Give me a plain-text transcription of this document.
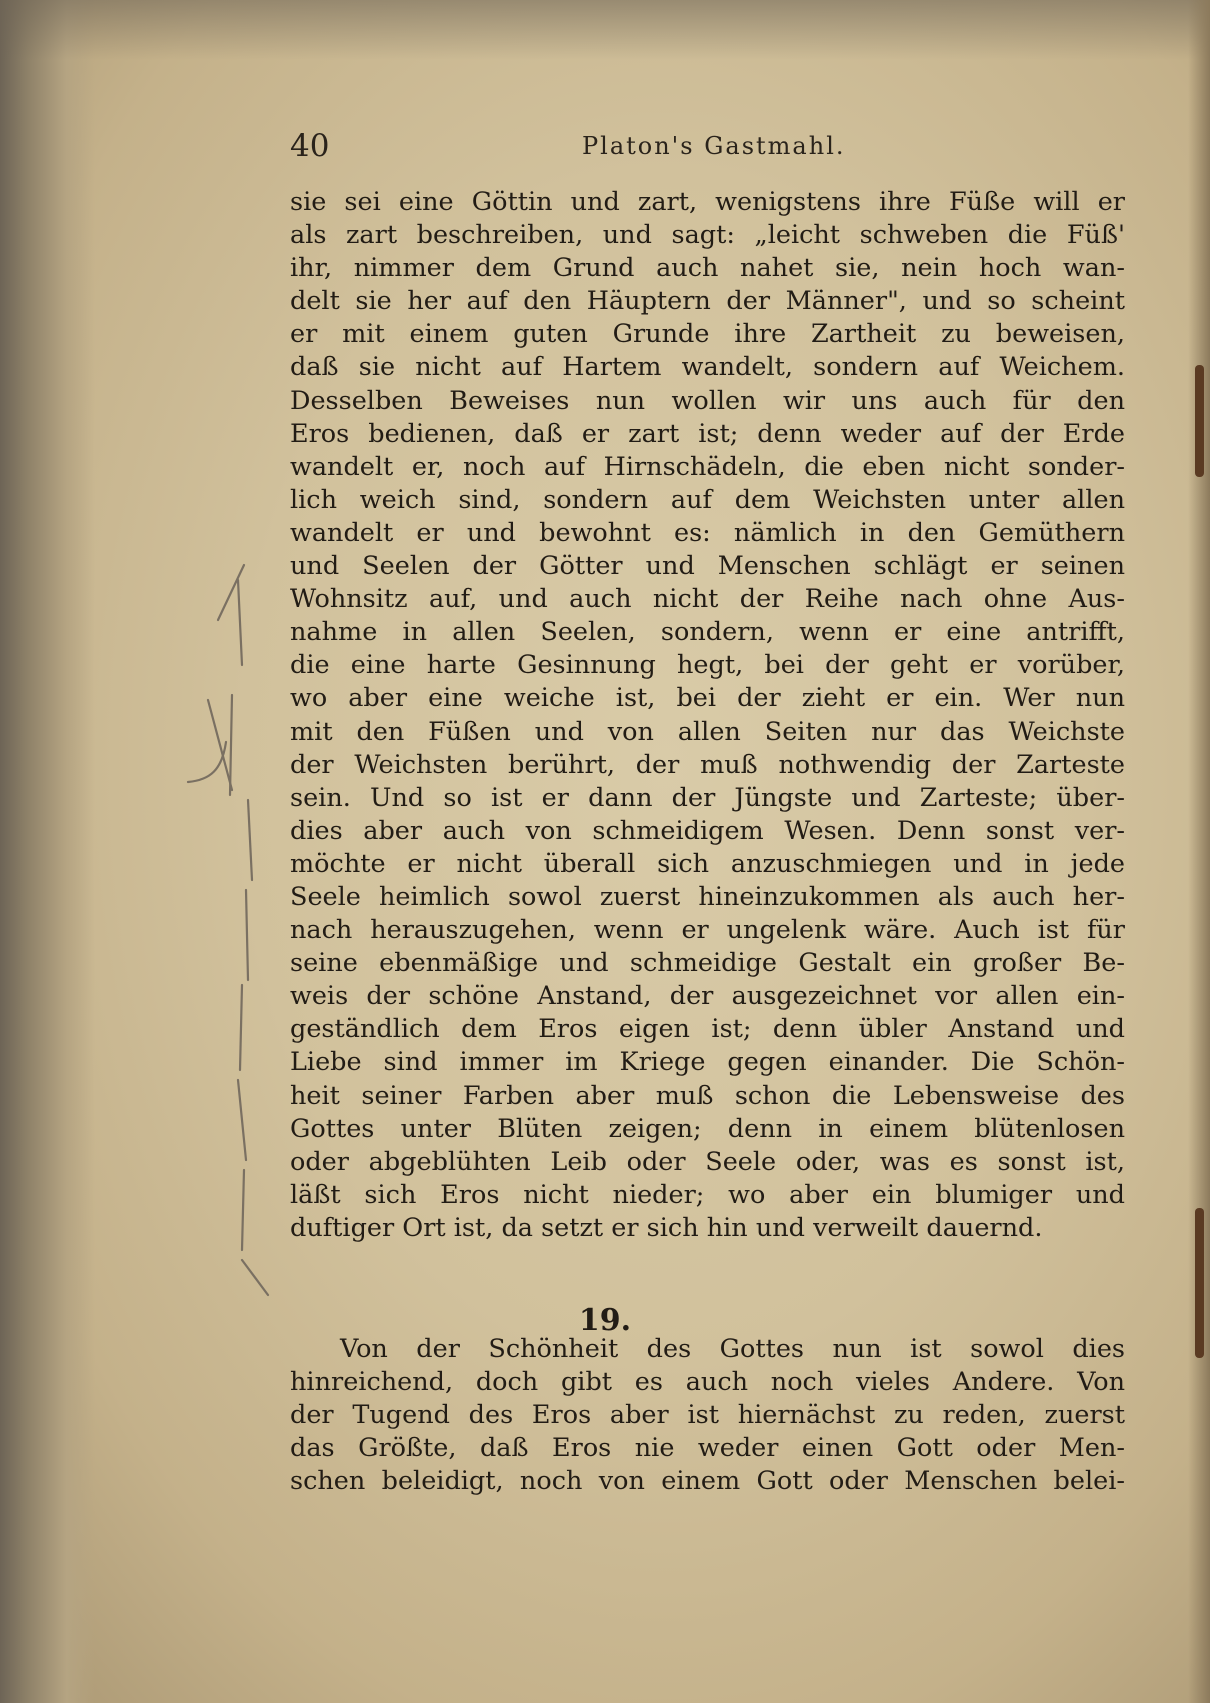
40	Platon's Gastmahl.
sie sei eine Göttin und zart, wenigstens ihre Füße will er
als zart beschreiben, und sagt: „leicht schweben die Füß'
ihr, nimmer dem Grund auch nahet sie, nein hoch wan-
delt sie her auf den Häuptern der Männer", und so scheint
er mit einem guten Grunde ihre Zartheit zu beweisen,
daß sie nicht auf Hartem wandelt, sondern auf Weichem.
Desselben Beweises nun wollen wir uns auch für den
Eros bedienen, daß er zart ist; denn weder auf der Erde
wandelt er, noch auf Hirnschädeln, die eben nicht sonder-
lich weich sind, sondern auf dem Weichsten unter allen
wandelt er und bewohnt es: nämlich in den Gemüthern
und Seelen der Götter und Menschen schlägt er seinen
Wohnsitz auf, und auch nicht der Reihe nach ohne Aus-
nahme in allen Seelen, sondern, wenn er eine antrifft,
die eine harte Gesinnung hegt, bei der geht er vorüber,
wo aber eine weiche ist, bei der zieht er ein. Wer nun
mit den Füßen und von allen Seiten nur das Weichste
der Weichsten berührt, der muß nothwendig der Zarteste
sein. Und so ist er dann der Jüngste und Zarteste; über-
dies aber auch von schmeidigem Wesen. Denn sonst ver-
möchte er nicht überall sich anzuschmiegen und in jede
Seele heimlich sowol zuerst hineinzukommen als auch her-
nach herauszugehen, wenn er ungelenk wäre. Auch ist für
seine ebenmäßige und schmeidige Gestalt ein großer Be-
weis der schöne Anstand, der ausgezeichnet vor allen ein-
geständlich dem Eros eigen ist; denn übler Anstand und
Liebe sind immer im Kriege gegen einander. Die Schön-
heit seiner Farben aber muß schon die Lebensweise des
Gottes unter Blüten zeigen; denn in einem blütenlosen
oder abgeblühten Leib oder Seele oder, was es sonst ist,
läßt sich Eros nicht nieder; wo aber ein blumiger und
duftiger Ort ist, da setzt er sich hin und verweilt dauernd.
19.
Von der Schönheit des Gottes nun ist sowol dies
hinreichend, doch gibt es auch noch vieles Andere. Von
der Tugend des Eros aber ist hiernächst zu reden, zuerst
das Größte, daß Eros nie weder einen Gott oder Men-
schen beleidigt, noch von einem Gott oder Menschen belei-
